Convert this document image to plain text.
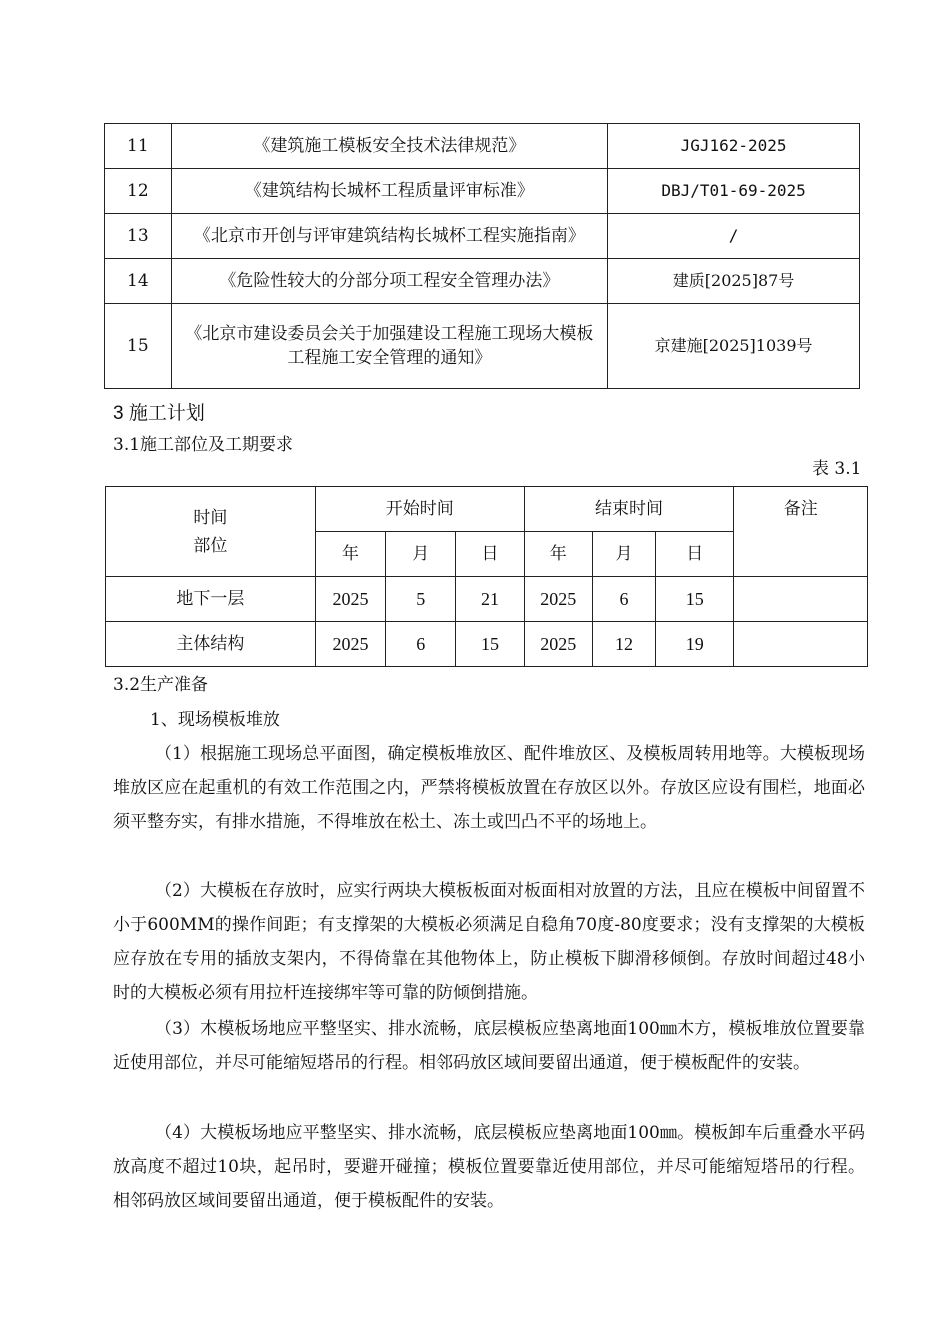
11	《建筑施工模板安全技术法律规范》	JGJ162-2025
12	《建筑结构长城杯工程质量评审标准》	DBJ/T01-69-2025
13	《北京市开创与评审建筑结构长城杯工程实施指南》	/
14	《危险性较大的分部分项工程安全管理办法》	建质[2025]87号
15	《北京市建设委员会关于加强建设工程施工现场大模板工程施工安全管理的通知》	京建施[2025]1039号
3 施工计划
3.1施工部位及工期要求
表 3.1
时间
部位	开始时间			结束时间			备注
	年	月	日	年	月	日	
地下一层	2025	5	21	2025	6	15	
主体结构	2025	6	15	2025	12	19	
3.2生产准备
1、现场模板堆放

（1）根据施工现场总平面图，确定模板堆放区、配件堆放区、及模板周转用地等。大模板现场堆放区应在起重机的有效工作范围之内，严禁将模板放置在存放区以外。存放区应设有围栏，地面必须平整夯实，有排水措施，不得堆放在松土、冻土或凹凸不平的场地上。

（2）大模板在存放时，应实行两块大模板板面对板面相对放置的方法，且应在模板中间留置不小于600MM的操作间距；有支撑架的大模板必须满足自稳角70度-80度要求；没有支撑架的大模板应存放在专用的插放支架内，不得倚靠在其他物体上，防止模板下脚滑移倾倒。存放时间超过48小时的大模板必须有用拉杆连接绑牢等可靠的防倾倒措施。

（3）木模板场地应平整坚实、排水流畅，底层模板应垫离地面100㎜木方，模板堆放位置要靠近使用部位，并尽可能缩短塔吊的行程。相邻码放区域间要留出通道，便于模板配件的安装。

（4）大模板场地应平整坚实、排水流畅，底层模板应垫离地面100㎜。模板卸车后重叠水平码放高度不超过10块，起吊时，要避开碰撞；模板位置要靠近使用部位，并尽可能缩短塔吊的行程。相邻码放区域间要留出通道，便于模板配件的安装。
